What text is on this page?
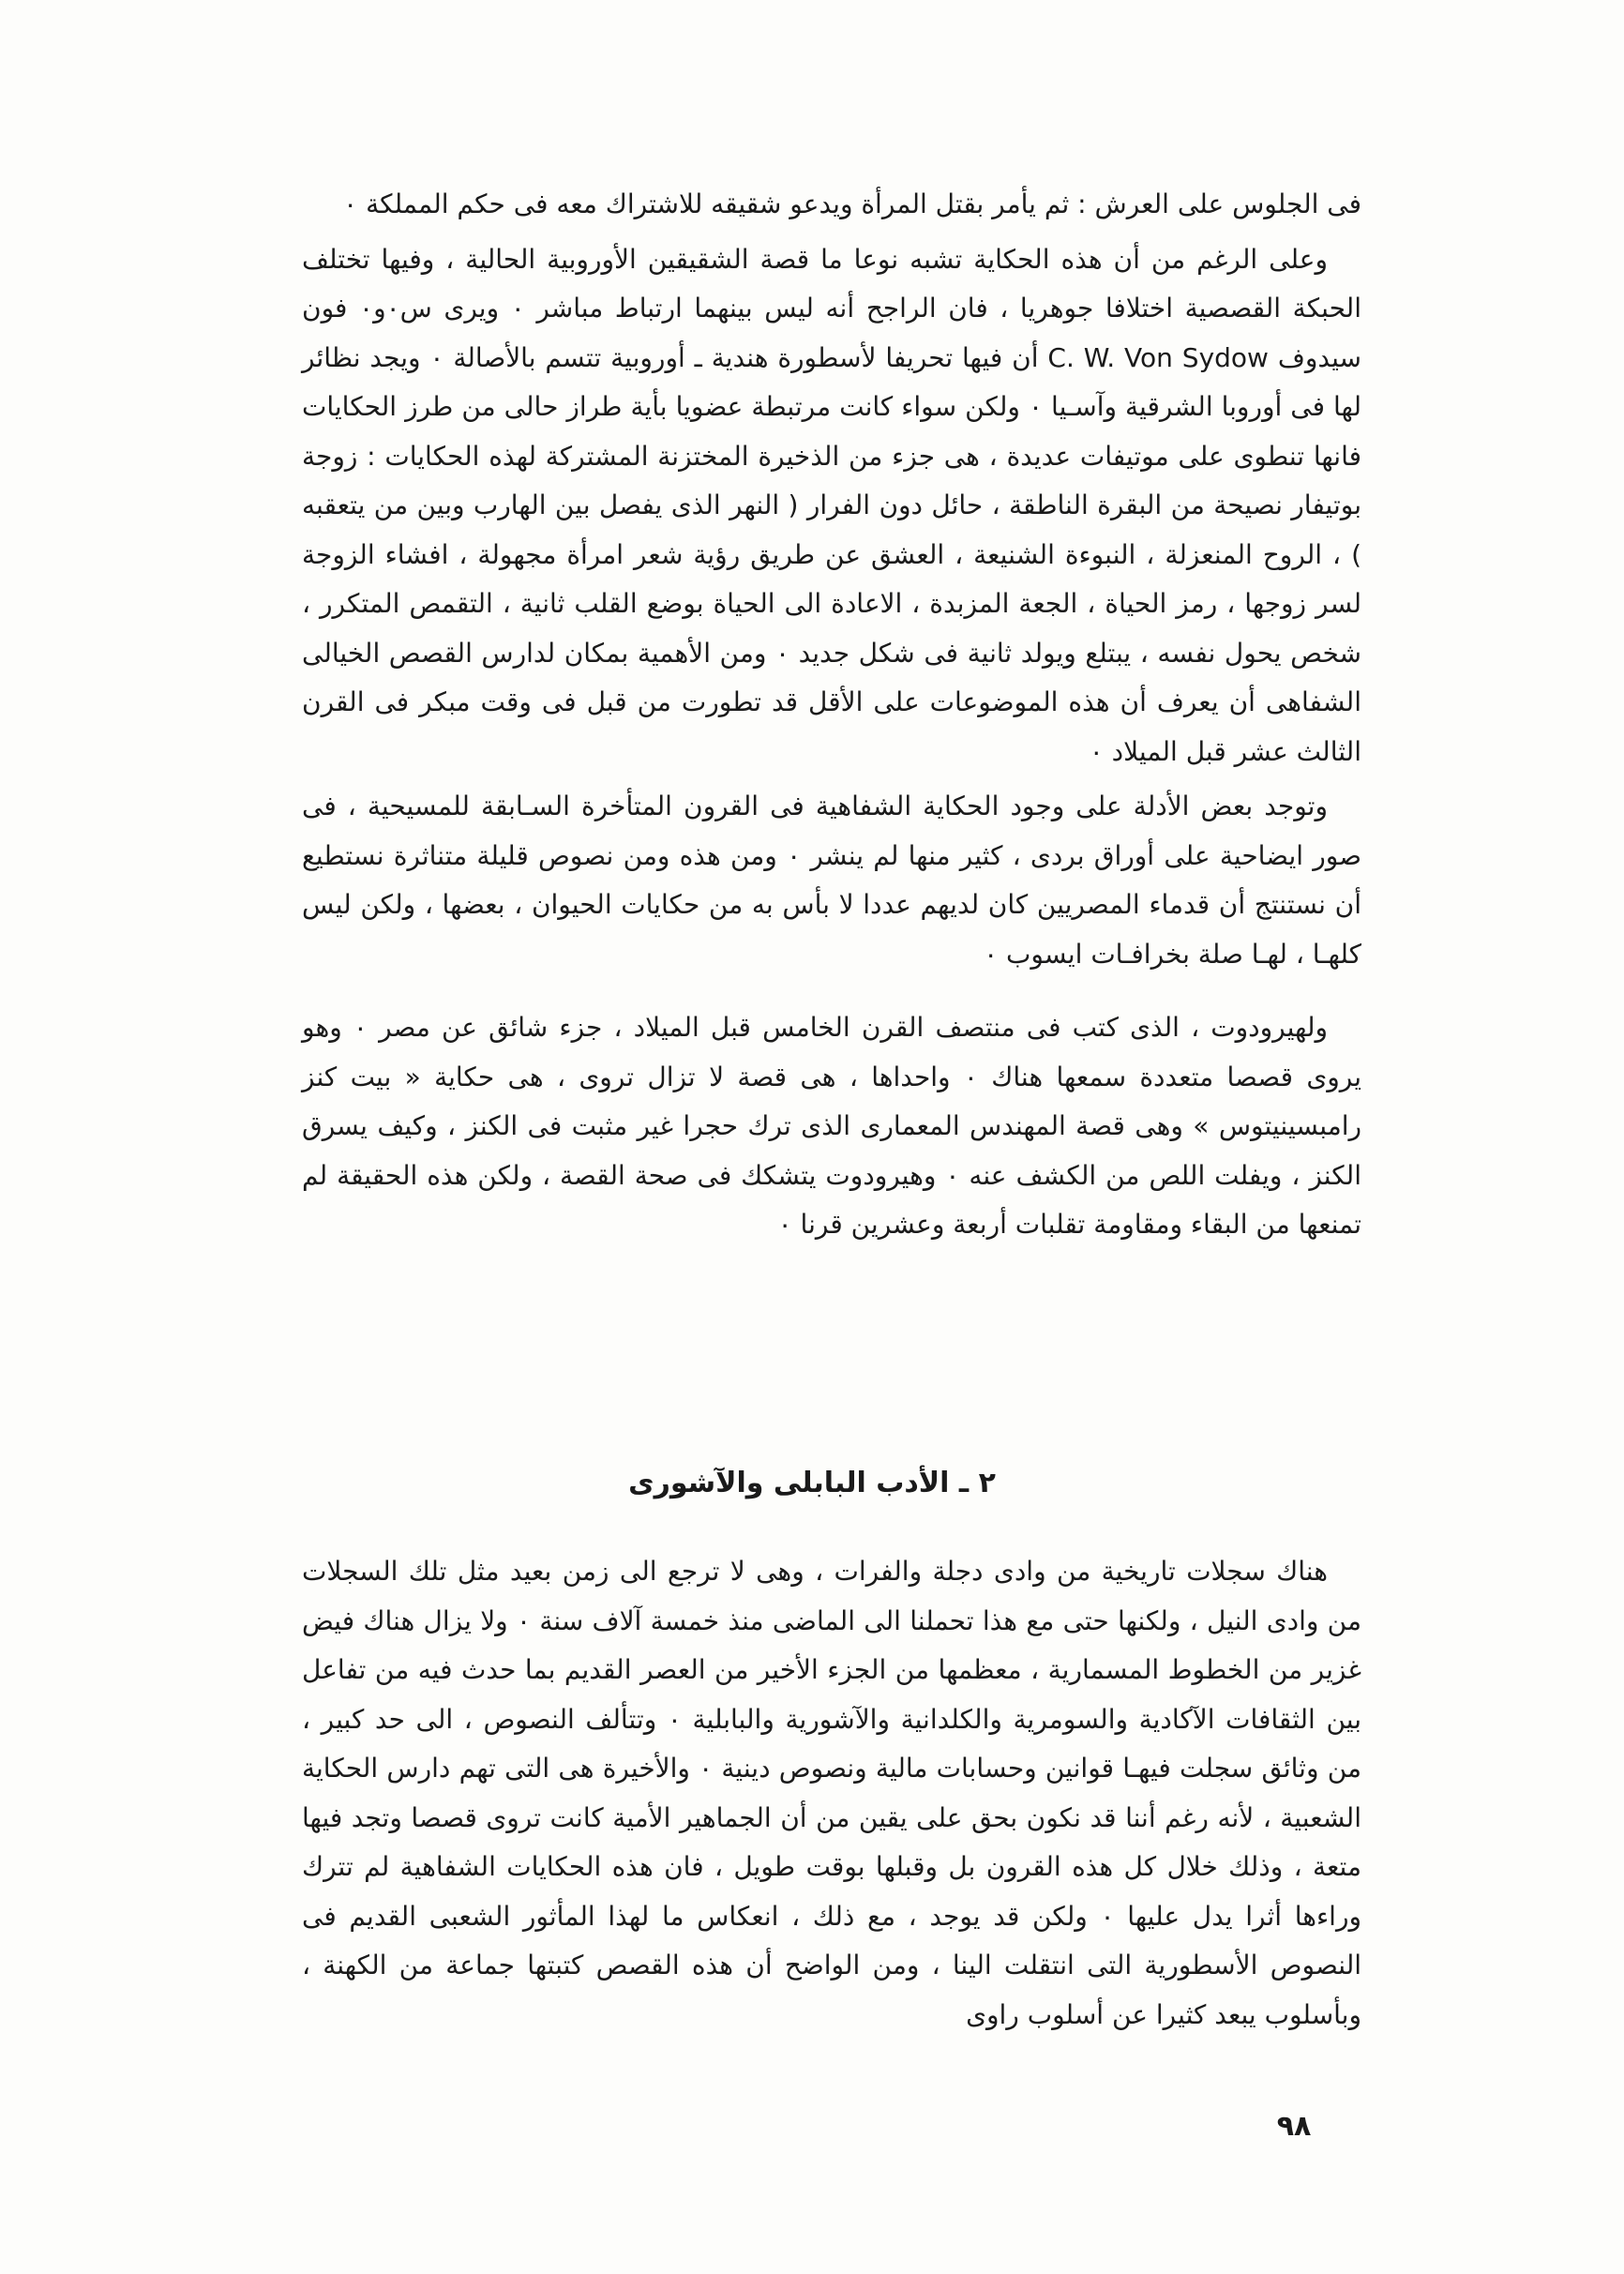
فى الجلوس على العرش : ثم يأمر بقتل المرأة ويدعو شقيقه للاشتراك معه فى حكم المملكة ٠

وعلى الرغم من أن هذه الحكاية تشبه نوعا ما قصة الشقيقين الأوروبية الحالية ، وفيها تختلف الحبكة القصصية اختلافا جوهريا ، فان الراجح أنه ليس بينهما ارتباط مباشر ٠ ويرى س٠و٠ فون سيدوف C. W. Von Sydow أن فيها تحريفا لأسطورة هندية ـ أوروبية تتسم بالأصالة ٠ ويجد نظائر لها فى أوروبا الشرقية وآسـيا ٠ ولكن سواء كانت مرتبطة عضويا بأية طراز حالى من طرز الحكايات فانها تنطوى على موتيفات عديدة ، هى جزء من الذخيرة المختزنة المشتركة لهذه الحكايات : زوجة بوتيفار نصيحة من البقرة الناطقة ، حائل دون الفرار ( النهر الذى يفصل بين الهارب وبين من يتعقبه ) ، الروح المنعزلة ، النبوءة الشنيعة ، العشق عن طريق رؤية شعر امرأة مجهولة ، افشاء الزوجة لسر زوجها ، رمز الحياة ، الجعة المزبدة ، الاعادة الى الحياة بوضع القلب ثانية ، التقمص المتكرر ، شخص يحول نفسه ، يبتلع ويولد ثانية فى شكل جديد ٠ ومن الأهمية بمكان لدارس القصص الخيالى الشفاهى أن يعرف أن هذه الموضوعات على الأقل قد تطورت من قبل فى وقت مبكر فى القرن الثالث عشر قبل الميلاد ٠

وتوجد بعض الأدلة على وجود الحكاية الشفاهية فى القرون المتأخرة السـابقة للمسيحية ، فى صور ايضاحية على أوراق بردى ، كثير منها لم ينشر ٠ ومن هذه ومن نصوص قليلة متناثرة نستطيع أن نستنتج أن قدماء المصريين كان لديهم عددا لا بأس به من حكايات الحيوان ، بعضها ، ولكن ليس كلهـا ، لهـا صلة بخرافـات ايسوب ٠

ولهيرودوت ، الذى كتب فى منتصف القرن الخامس قبل الميلاد ، جزء شائق عن مصر ٠ وهو يروى قصصا متعددة سمعها هناك ٠ واحداها ، هى قصة لا تزال تروى ، هى حكاية « بيت كنز رامبسينيتوس » وهى قصة المهندس المعمارى الذى ترك حجرا غير مثبت فى الكنز ، وكيف يسرق الكنز ، ويفلت اللص من الكشف عنه ٠ وهيرودوت يتشكك فى صحة القصة ، ولكن هذه الحقيقة لم تمنعها من البقاء ومقاومة تقلبات أربعة وعشرين قرنا ٠

٢ ـ الأدب البابلى والآشورى

هناك سجلات تاريخية من وادى دجلة والفرات ، وهى لا ترجع الى زمن بعيد مثل تلك السجلات من وادى النيل ، ولكنها حتى مع هذا تحملنا الى الماضى منذ خمسة آلاف سنة ٠ ولا يزال هناك فيض غزير من الخطوط المسمارية ، معظمها من الجزء الأخير من العصر القديم بما حدث فيه من تفاعل بين الثقافات الآكادية والسومرية والكلدانية والآشورية والبابلية ٠ وتتألف النصوص ، الى حد كبير ، من وثائق سجلت فيهـا قوانين وحسابات مالية ونصوص دينية ٠ والأخيرة هى التى تهم دارس الحكاية الشعبية ، لأنه رغم أننا قد نكون بحق على يقين من أن الجماهير الأمية كانت تروى قصصا وتجد فيها متعة ، وذلك خلال كل هذه القرون بل وقبلها بوقت طويل ، فان هذه الحكايات الشفاهية لم تترك وراءها أثرا يدل عليها ٠ ولكن قد يوجد ، مع ذلك ، انعكاس ما لهذا المأثور الشعبى القديم فى النصوص الأسطورية التى انتقلت الينا ، ومن الواضح أن هذه القصص كتبتها جماعة من الكهنة ، وبأسلوب يبعد كثيرا عن أسلوب راوى

٩٨
